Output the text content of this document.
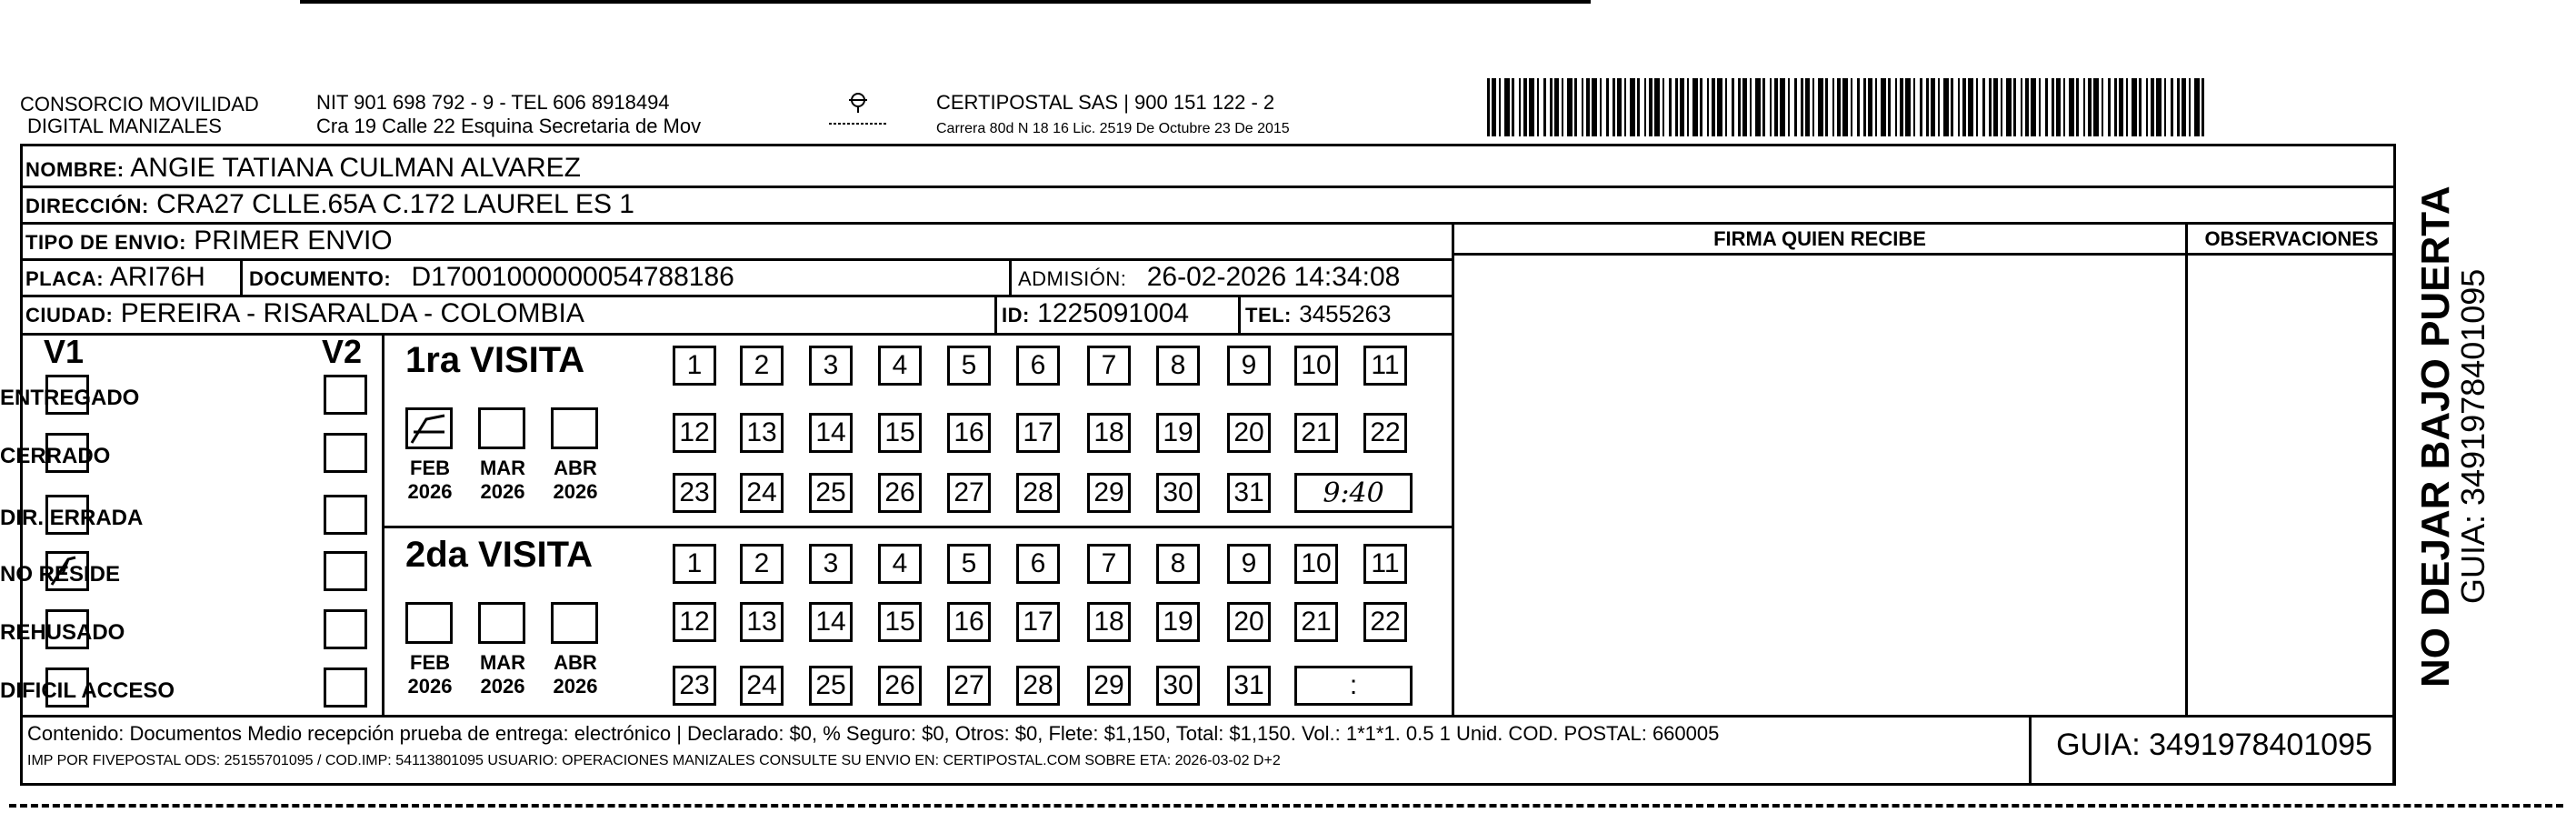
CONSORCIO MOVILIDAD
DIGITAL MANIZALES
NIT 901 698 792 - 9 - TEL 606 8918494
Cra 19 Calle 22 Esquina Secretaria de Mov
CERTIPOSTAL SAS | 900 151 122 - 2
Carrera 80d N 18 16 Lic. 2519 De Octubre 23 De 2015
NOMBRE: ANGIE TATIANA CULMAN ALVAREZ
DIRECCIÓN: CRA27 CLLE.65A C.172 LAUREL ES 1
TIPO DE ENVIO: PRIMER ENVIO	FIRMA QUIEN RECIBE	OBSERVACIONES
PLACA: ARI76H DOCUMENTO: D17001000000054788186	ADMISIÓN: 26-02-2026 14:34:08
CIUDAD: PEREIRA - RISARALDA - COLOMBIA	ID: 1225091004	TEL: 3455263
V1	V2
ENTREGADO
CERRADO
DIR. ERRADA
NO RESIDE
REHUSADO
DIFICIL ACCESO
1ra VISITA
2da VISITA
FEB
2026
MAR
2026
ABR
2026
FEB
2026
MAR
2026
ABR
2026
1	2	3	4	5	6	7	8	9	10 11
12 13 14 15 16 17 18 19 20 21 22
23 24 25 26 27 28 29 30 31	9:40
1	2	3	4	5	6	7	8	9	10 11
12 13 14 15 16 17 18 19 20 21 22
23 24 25 26 27 28 29 30 31	:	NO DEJAR BAJO PUERTA
GUIA: 3491978401095
Contenido: Documentos Medio recepción prueba de entrega: electrónico | Declarado: $0, % Seguro: $0, Otros: $0, Flete: $1,150, Total: $1,150. Vol.: 1*1*1. 0.5 1 Unid. COD. POSTAL: 660005
IMP POR FIVEPOSTAL ODS: 25155701095 / COD.IMP: 54113801095 USUARIO: OPERACIONES MANIZALES CONSULTE SU ENVIO EN: CERTIPOSTAL.COM SOBRE ETA: 2026-03-02 D+2	GUIA: 3491978401095
